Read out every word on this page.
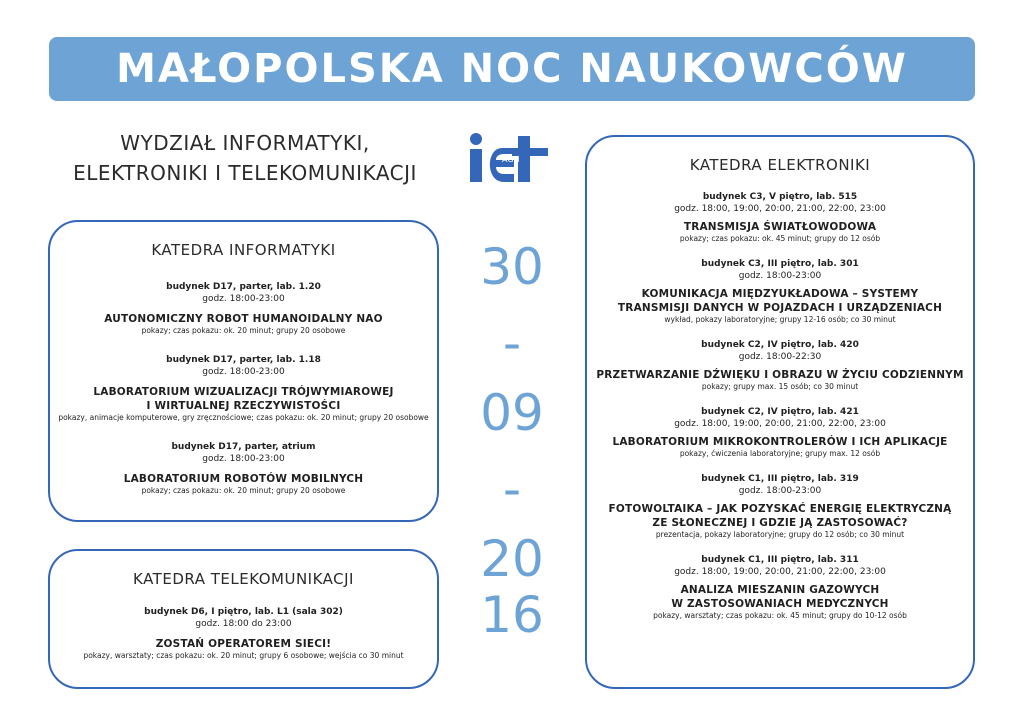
MAŁOPOLSKA NOC NAUKOWCÓW
WYDZIAŁ INFORMATYKI,
ELEKTRONIKI I TELEKOMUNIKACJI
AGH
KATEDRA INFORMATYKI
budynek D17, parter, lab. 1.20
godz. 18:00-23:00
AUTONOMICZNY ROBOT HUMANOIDALNY NAO
pokazy; czas pokazu: ok. 20 minut; grupy 20 osobowe
budynek D17, parter, lab. 1.18
godz. 18:00-23:00
LABORATORIUM WIZUALIZACJI TRÓJWYMIAROWEJ
I WIRTUALNEJ RZECZYWISTOŚCI
pokazy, animacje komputerowe, gry zręcznościowe; czas pokazu: ok. 20 minut; grupy 20 osobowe
budynek D17, parter, atrium
godz. 18:00-23:00
LABORATORIUM ROBOTÓW MOBILNYCH
pokazy; czas pokazu: ok. 20 minut; grupy 20 osobowe
KATEDRA TELEKOMUNIKACJI
budynek D6, I piętro, lab. L1 (sala 302)
godz. 18:00 do 23:00
ZOSTAŃ OPERATOREM SIECI!
pokazy, warsztaty; czas pokazu: ok. 20 minut; grupy 6 osobowe; wejścia co 30 minut
KATEDRA ELEKTRONIKI
budynek C3, V piętro, lab. 515
godz. 18:00, 19:00, 20:00, 21:00, 22:00, 23:00
TRANSMISJA ŚWIATŁOWODOWA
pokazy; czas pokazu: ok. 45 minut; grupy do 12 osób
budynek C3, III piętro, lab. 301
godz. 18:00-23:00
KOMUNIKACJA MIĘDZYUKŁADOWA – SYSTEMY
TRANSMISJI DANYCH W POJAZDACH I URZĄDZENIACH
wykład, pokazy laboratoryjne; grupy 12-16 osób; co 30 minut
budynek C2, IV piętro, lab. 420
godz. 18:00-22:30
PRZETWARZANIE DŹWIĘKU I OBRAZU W ŻYCIU CODZIENNYM
pokazy; grupy max. 15 osób; co 30 minut
budynek C2, IV piętro, lab. 421
godz. 18:00, 19:00, 20:00, 21:00, 22:00, 23:00
LABORATORIUM MIKROKONTROLERÓW I ICH APLIKACJE
pokazy, ćwiczenia laboratoryjne; grupy max. 12 osób
budynek C1, III piętro, lab. 319
godz. 18:00-23:00
FOTOWOLTAIKA – JAK POZYSKAĆ ENERGIĘ ELEKTRYCZNĄ
ZE SŁONECZNEJ I GDZIE JĄ ZASTOSOWAĆ?
prezentacja, pokazy laboratoryjne; grupy do 12 osób; co 30 minut
budynek C1, III piętro, lab. 311
godz. 18:00, 19:00, 20:00, 21:00, 22:00, 23:00
ANALIZA MIESZANIN GAZOWYCH
W ZASTOSOWANIACH MEDYCZNYCH
pokazy, warsztaty; czas pokazu: ok. 45 minut; grupy do 10-12 osób
30
-
09
-
20
16
